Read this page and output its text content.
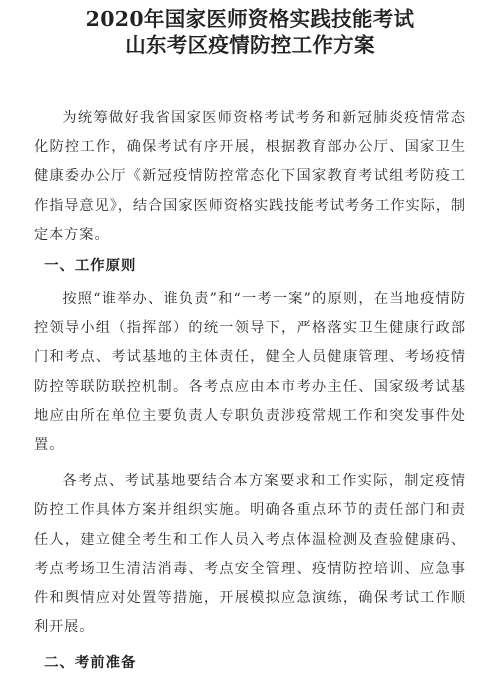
2020年国家医师资格实践技能考试
山东考区疫情防控工作方案

为统筹做好我省国家医师资格考试考务和新冠肺炎疫情常态化防控工作，确保考试有序开展，根据教育部办公厅、国家卫生健康委办公厅《新冠疫情防控常态化下国家教育考试组考防疫工作指导意见》，结合国家医师资格实践技能考试考务工作实际，制定本方案。

一、工作原则

按照“谁举办、谁负责”和“一考一案”的原则，在当地疫情防控领导小组（指挥部）的统一领导下，严格落实卫生健康行政部门和考点、考试基地的主体责任，健全人员健康管理、考场疫情防控等联防联控机制。各考点应由本市考办主任、国家级考试基地应由所在单位主要负责人专职负责涉疫常规工作和突发事件处置。

各考点、考试基地要结合本方案要求和工作实际，制定疫情防控工作具体方案并组织实施。明确各重点环节的责任部门和责任人，建立健全考生和工作人员入考点体温检测及查验健康码、考点考场卫生清洁消毒、考点安全管理、疫情防控培训、应急事件和舆情应对处置等措施，开展模拟应急演练，确保考试工作顺利开展。

二、考前准备
